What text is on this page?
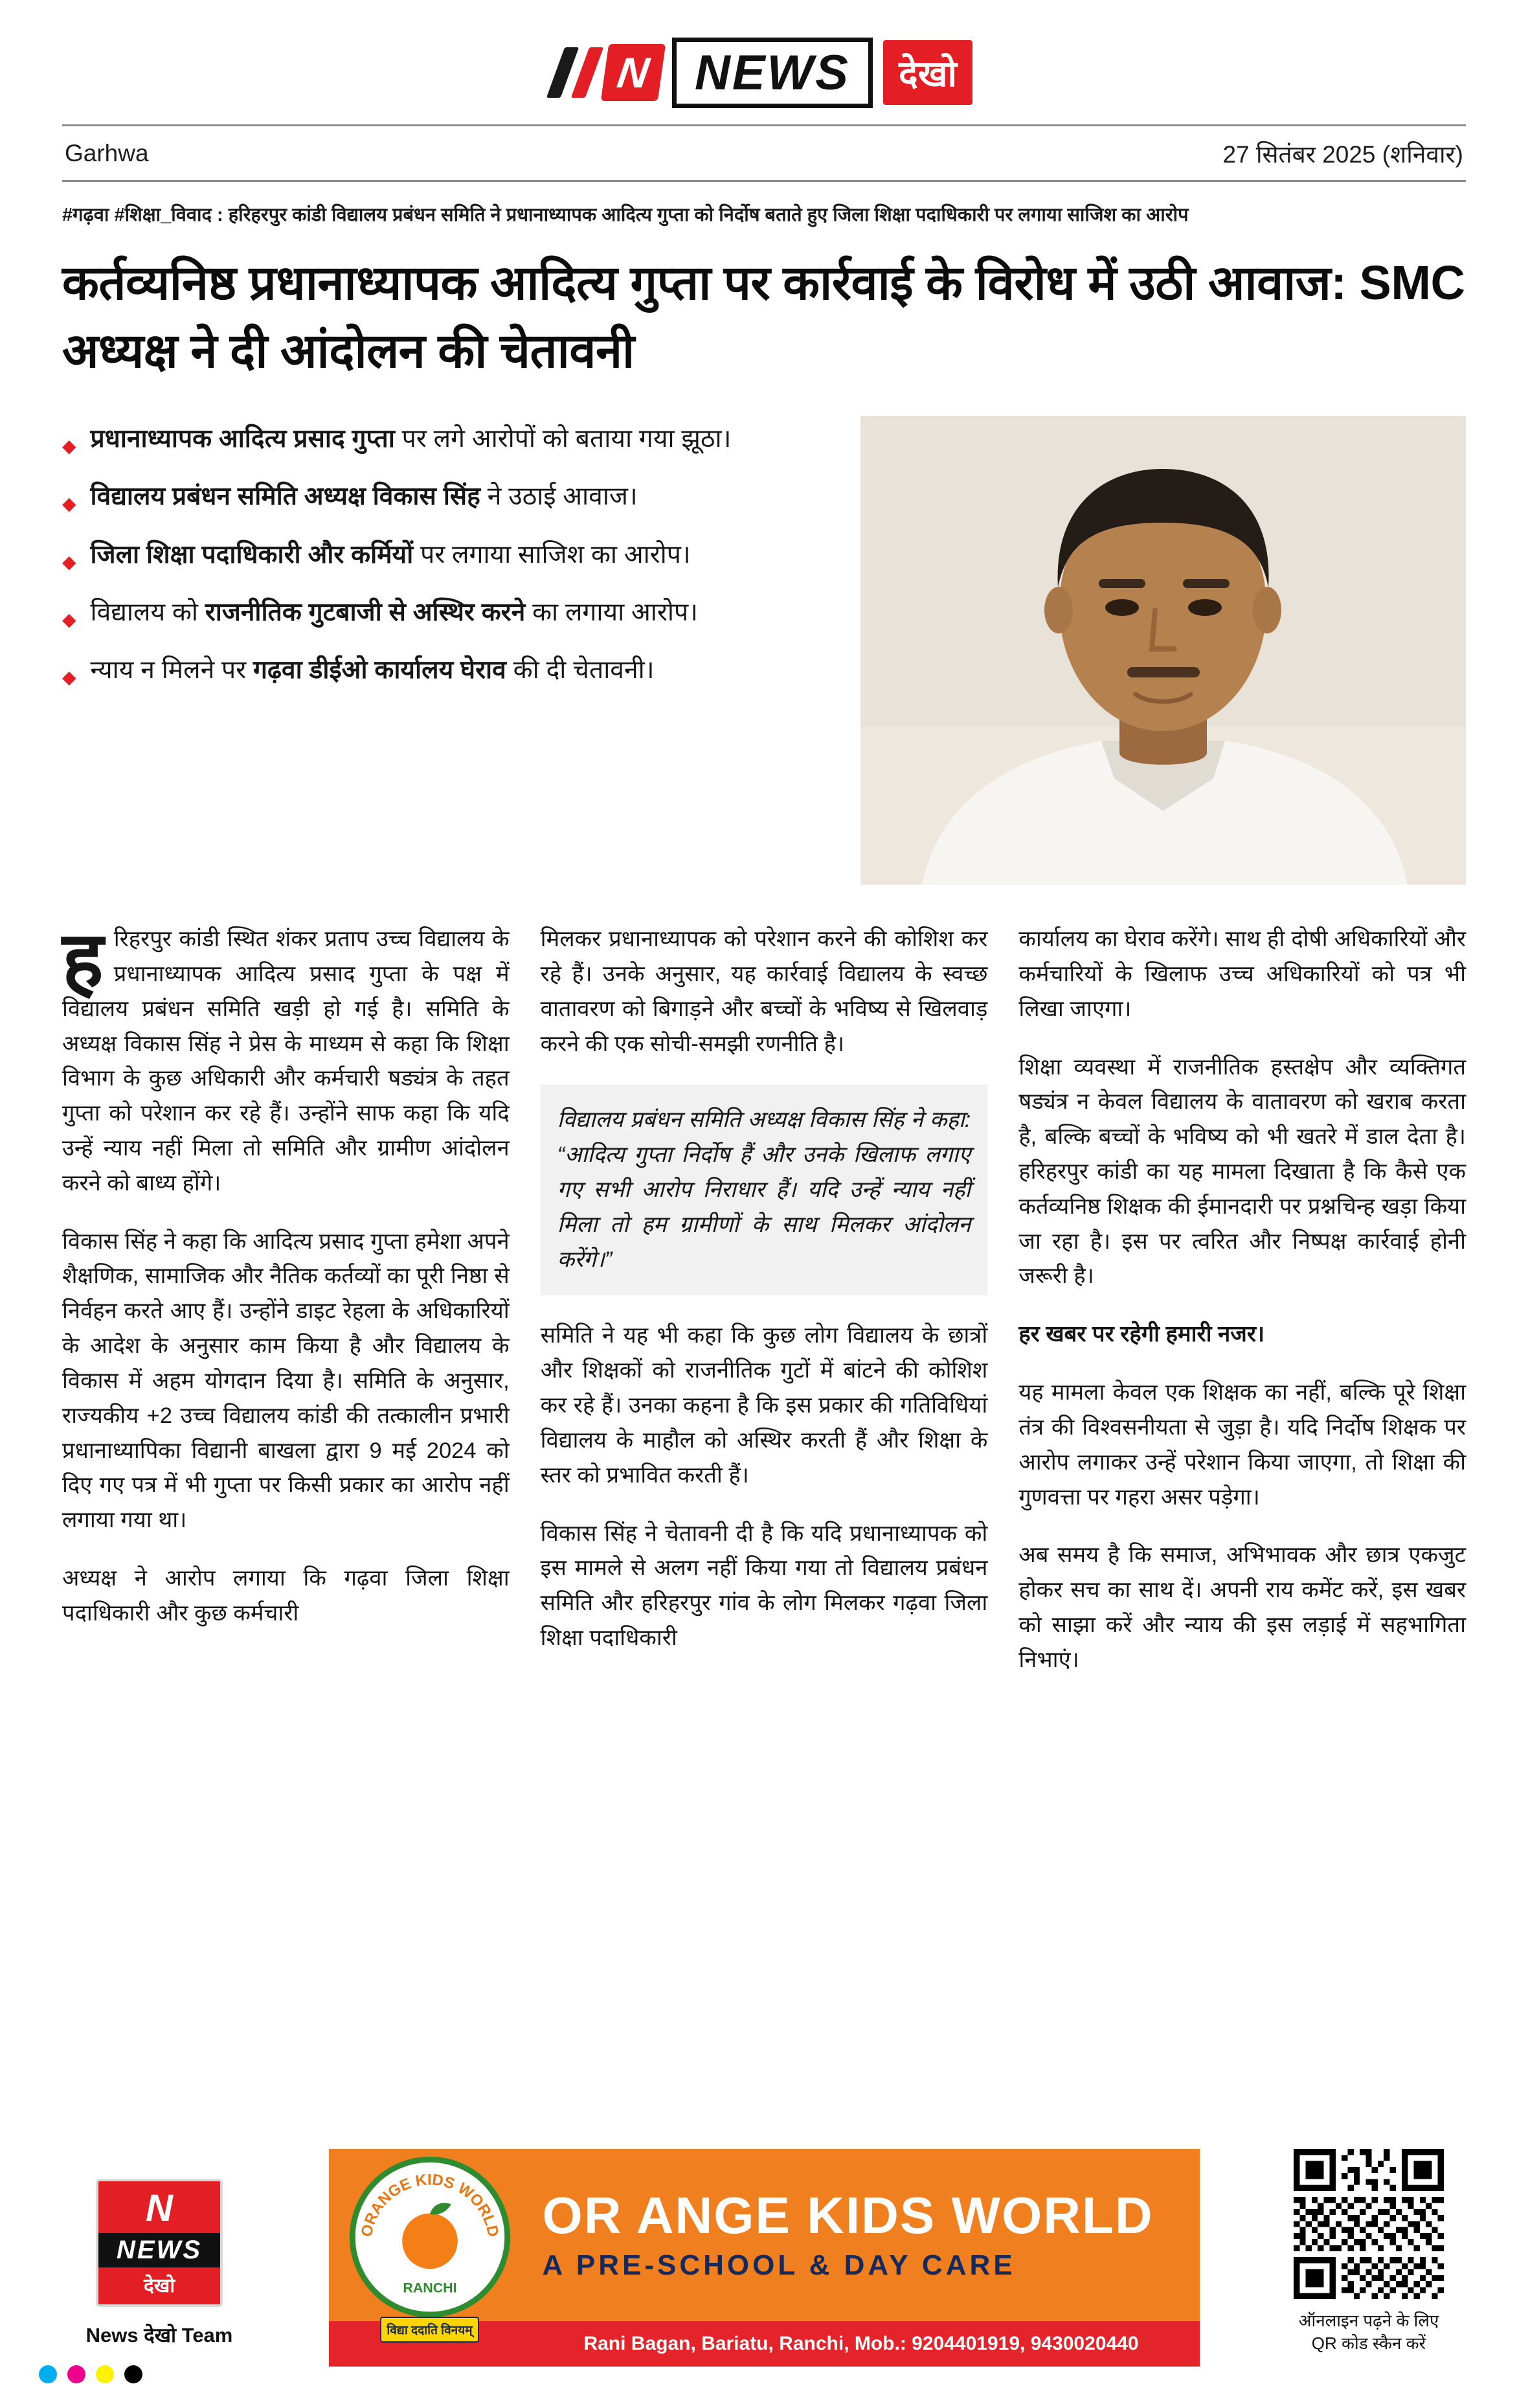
N NEWS	देखो
Garhwa	27 सितंबर 2025 (शनिवार)
#गढ़वा #शिक्षा_विवाद : हरिहरपुर कांडी विद्यालय प्रबंधन समिति ने प्रधानाध्यापक आदित्य गुप्ता को निर्दोष बताते हुए जिला शिक्षा पदाधिकारी पर लगाया साजिश का आरोप
कर्तव्यनिष्ठ प्रधानाध्यापक आदित्य गुप्ता पर कार्रवाई के विरोध में उठी आवाज: SMC अध्यक्ष ने दी आंदोलन की चेतावनी
◆
प्रधानाध्यापक आदित्य प्रसाद गुप्ता पर लगे आरोपों को बताया गया झूठा।
◆
विद्यालय प्रबंधन समिति अध्यक्ष विकास सिंह ने उठाई आवाज।
◆
जिला शिक्षा पदाधिकारी और कर्मियों पर लगाया साजिश का आरोप।
◆
विद्यालय को राजनीतिक गुटबाजी से अस्थिर करने का लगाया आरोप।
◆
न्याय न मिलने पर गढ़वा डीईओ कार्यालय घेराव की दी चेतावनी।

हरिहरपुर कांडी स्थित शंकर प्रताप उच्च विद्यालय के प्रधानाध्यापक आदित्य प्रसाद गुप्ता के पक्ष में विद्यालय प्रबंधन समिति खड़ी हो गई है। समिति के अध्यक्ष विकास सिंह ने प्रेस के माध्यम से कहा कि शिक्षा विभाग के कुछ अधिकारी और कर्मचारी षड्यंत्र के तहत गुप्ता को परेशान कर रहे हैं। उन्होंने साफ कहा कि यदि उन्हें न्याय नहीं मिला तो समिति और ग्रामीण आंदोलन करने को बाध्य होंगे।

विकास सिंह ने कहा कि आदित्य प्रसाद गुप्ता हमेशा अपने शैक्षणिक, सामाजिक और नैतिक कर्तव्यों का पूरी निष्ठा से निर्वहन करते आए हैं। उन्होंने डाइट रेहला के अधिकारियों के आदेश के अनुसार काम किया है और विद्यालय के विकास में अहम योगदान दिया है। समिति के अनुसार, राज्यकीय +2 उच्च विद्यालय कांडी की तत्कालीन प्रभारी प्रधानाध्यापिका विद्यानी बाखला द्वारा 9 मई 2024 को दिए गए पत्र में भी गुप्ता पर किसी प्रकार का आरोप नहीं लगाया गया था।

अध्यक्ष ने आरोप लगाया कि गढ़वा जिला शिक्षा पदाधिकारी और कुछ कर्मचारी

मिलकर प्रधानाध्यापक को परेशान करने की कोशिश कर रहे हैं। उनके अनुसार, यह कार्रवाई विद्यालय के स्वच्छ वातावरण को बिगाड़ने और बच्चों के भविष्य से खिलवाड़ करने की एक सोची-समझी रणनीति है।

विद्यालय प्रबंधन समिति अध्यक्ष विकास सिंह ने कहा: “आदित्य गुप्ता निर्दोष हैं और उनके खिलाफ लगाए गए सभी आरोप निराधार हैं। यदि उन्हें न्याय नहीं मिला तो हम ग्रामीणों के साथ मिलकर आंदोलन करेंगे।”

समिति ने यह भी कहा कि कुछ लोग विद्यालय के छात्रों और शिक्षकों को राजनीतिक गुटों में बांटने की कोशिश कर रहे हैं। उनका कहना है कि इस प्रकार की गतिविधियां विद्यालय के माहौल को अस्थिर करती हैं और शिक्षा के स्तर को प्रभावित करती हैं।

विकास सिंह ने चेतावनी दी है कि यदि प्रधानाध्यापक को इस मामले से अलग नहीं किया गया तो विद्यालय प्रबंधन समिति और हरिहरपुर गांव के लोग मिलकर गढ़वा जिला शिक्षा पदाधिकारी

कार्यालय का घेराव करेंगे। साथ ही दोषी अधिकारियों और कर्मचारियों के खिलाफ उच्च अधिकारियों को पत्र भी लिखा जाएगा।

शिक्षा व्यवस्था में राजनीतिक हस्तक्षेप और व्यक्तिगत षड्यंत्र न केवल विद्यालय के वातावरण को खराब करता है, बल्कि बच्चों के भविष्य को भी खतरे में डाल देता है। हरिहरपुर कांडी का यह मामला दिखाता है कि कैसे एक कर्तव्यनिष्ठ शिक्षक की ईमानदारी पर प्रश्नचिन्ह खड़ा किया जा रहा है। इस पर त्वरित और निष्पक्ष कार्रवाई होनी जरूरी है।

हर खबर पर रहेगी हमारी नजर।

यह मामला केवल एक शिक्षक का नहीं, बल्कि पूरे शिक्षा तंत्र की विश्वसनीयता से जुड़ा है। यदि निर्दोष शिक्षक पर आरोप लगाकर उन्हें परेशान किया जाएगा, तो शिक्षा की गुणवत्ता पर गहरा असर पड़ेगा।

अब समय है कि समाज, अभिभावक और छात्र एकजुट होकर सच का साथ दें। अपनी राय कमेंट करें, इस खबर को साझा करें और न्याय की इस लड़ाई में सहभागिता निभाएं।

N
NEWS
देखो
News देखो Team
OR ANGE KIDS WORLD
A PRE-SCHOOL & DAY CARE
Rani Bagan, Bariatu, Ranchi, Mob.: 9204401919, 9430020440
ORANGE KIDS WORLD
RANCHI
विद्या ददाति विनयम्
ऑनलाइन पढ़ने के लिए
QR कोड स्कैन करें
